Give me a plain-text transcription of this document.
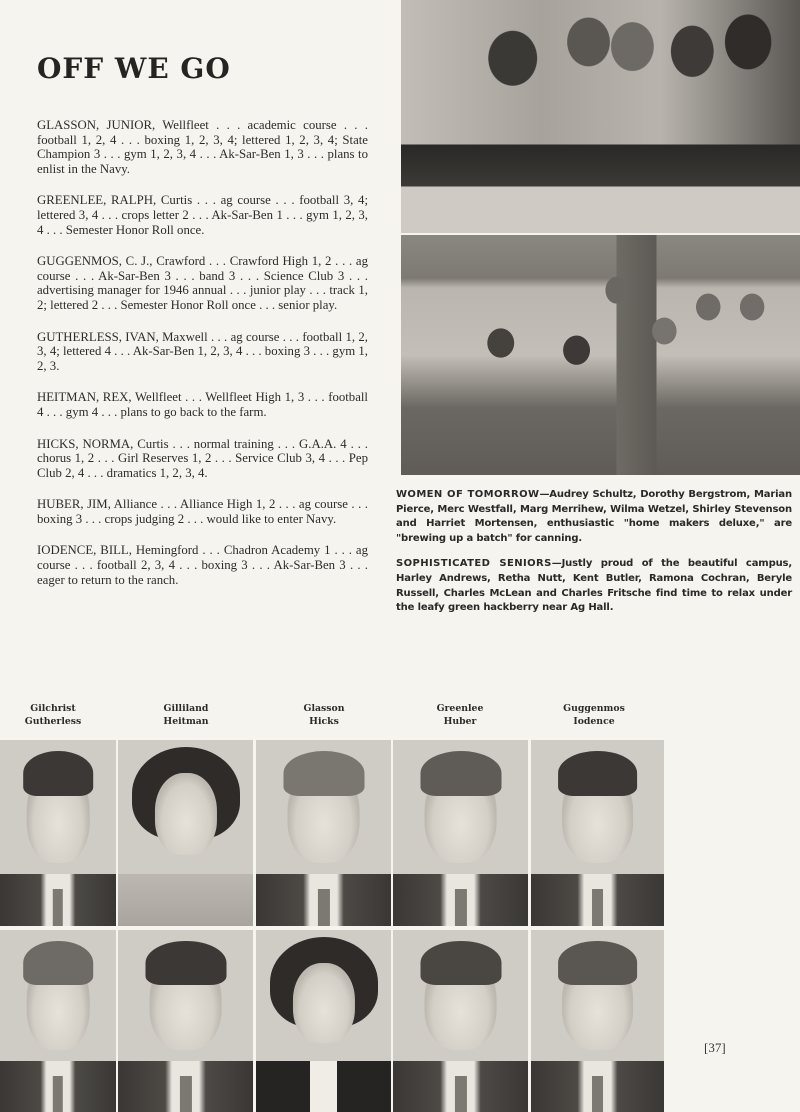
OFF WE GO

GLASSON, JUNIOR, Wellfleet . . . academic course . . . football 1, 2, 4 . . . boxing 1, 2, 3, 4; lettered 1, 2, 3, 4; State Champion 3 . . . gym 1, 2, 3, 4 . . . Ak-Sar-Ben 1, 3 . . . plans to enlist in the Navy.

GREENLEE, RALPH, Curtis . . . ag course . . . football 3, 4; lettered 3, 4 . . . crops letter 2 . . . Ak-Sar-Ben 1 . . . gym 1, 2, 3, 4 . . . Semester Honor Roll once.

GUGGENMOS, C. J., Crawford . . . Crawford High 1, 2 . . . ag course . . . Ak-Sar-Ben 3 . . . band 3 . . . Science Club 3 . . . advertising manager for 1946 annual . . . junior play . . . track 1, 2; lettered 2 . . . Semester Honor Roll once . . . senior play.

GUTHERLESS, IVAN, Maxwell . . . ag course . . . football 1, 2, 3, 4; lettered 4 . . . Ak-Sar-Ben 1, 2, 3, 4 . . . boxing 3 . . . gym 1, 2, 3.

HEITMAN, REX, Wellfleet . . . Wellfleet High 1, 3 . . . football 4 . . . gym 4 . . . plans to go back to the farm.

HICKS, NORMA, Curtis . . . normal training . . . G.A.A. 4 . . . chorus 1, 2 . . . Girl Reserves 1, 2 . . . Service Club 3, 4 . . . Pep Club 2, 4 . . . dramatics 1, 2, 3, 4.

HUBER, JIM, Alliance . . . Alliance High 1, 2 . . . ag course . . . boxing 3 . . . crops judging 2 . . . would like to enter Navy.

IODENCE, BILL, Hemingford . . . Chadron Academy 1 . . . ag course . . . football 2, 3, 4 . . . boxing 3 . . . Ak-Sar-Ben 3 . . . eager to return to the ranch.

WOMEN OF TOMORROW—Audrey Schultz, Dorothy Bergstrom, Marian Pierce, Merc Westfall, Marg Merrihew, Wilma Wetzel, Shirley Stevenson and Harriet Mortensen, enthusiastic "home makers deluxe," are "brewing up a batch" for canning.

SOPHISTICATED SENIORS—Justly proud of the beautiful campus, Harley Andrews, Retha Nutt, Kent Butler, Ramona Cochran, Beryle Russell, Charles McLean and Charles Fritsche find time to relax under the leafy green hackberry near Ag Hall.

Gilchrist
Gutherless
Gilliland
Heitman
Glasson
Hicks
Greenlee
Huber
Guggenmos
Iodence
[37]
